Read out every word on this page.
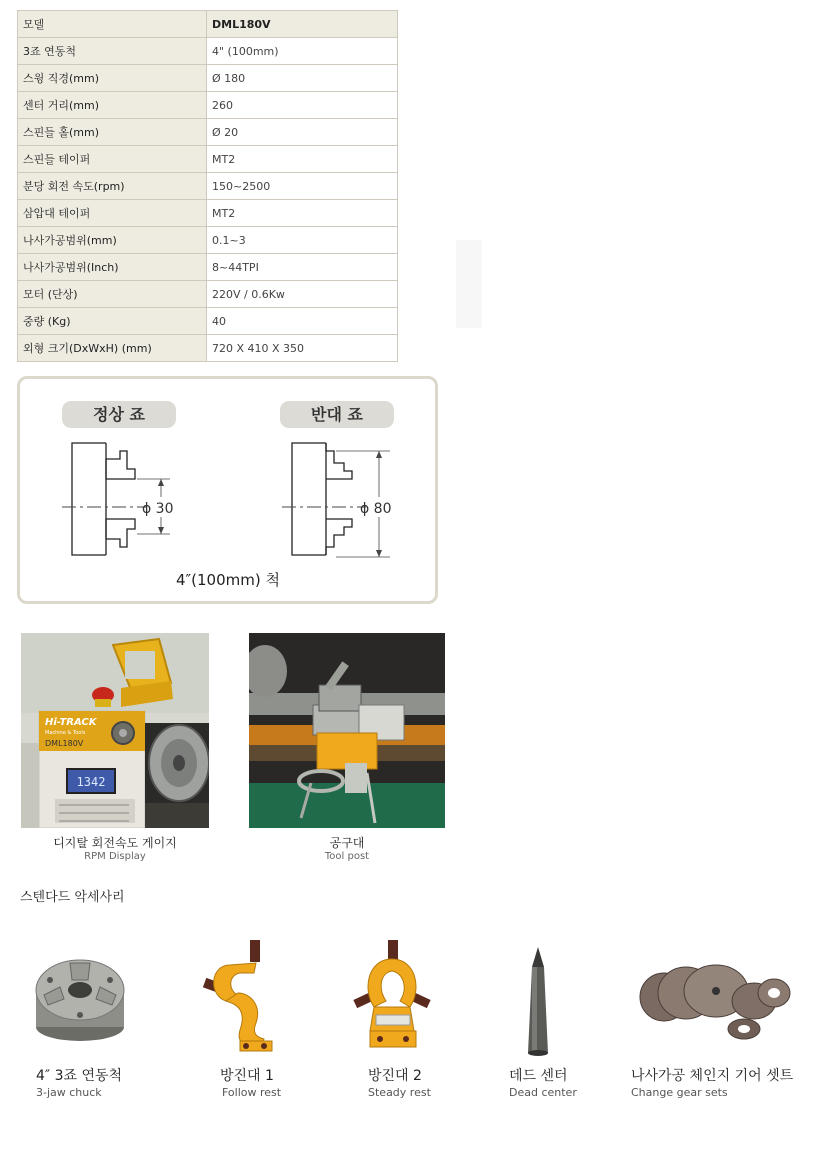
모델	DML180V
3죠 연동척	4" (100mm)
스윙 직경(mm)	Ø 180
센터 거리(mm)	260
스핀들 홀(mm)	Ø 20
스핀들 테이퍼	MT2
분당 회전 속도(rpm)	150~2500
삼압대 테이퍼	MT2
나사가공범위(mm)	0.1~3
나사가공범위(Inch)	8~44TPI
모터 (단상)	220V / 0.6Kw
중량 (Kg)	40
외형 크기(DxWxH) (mm)	720 X 410 X 350
정상 죠	반대 죠
ϕ 30	ϕ 80
4″(100mm) 척
Hi-TRACK
Machine & Tools
DML180V
1342
디지탈 회전속도 게이지
RPM Display
공구대
Tool post
스텐다드 악세사리
4″ 3죠 연동척
3-jaw chuck
방진대 1
Follow rest
방진대 2
Steady rest
데드 센터
Dead center
나사가공 체인지 기어 셋트
Change gear sets
